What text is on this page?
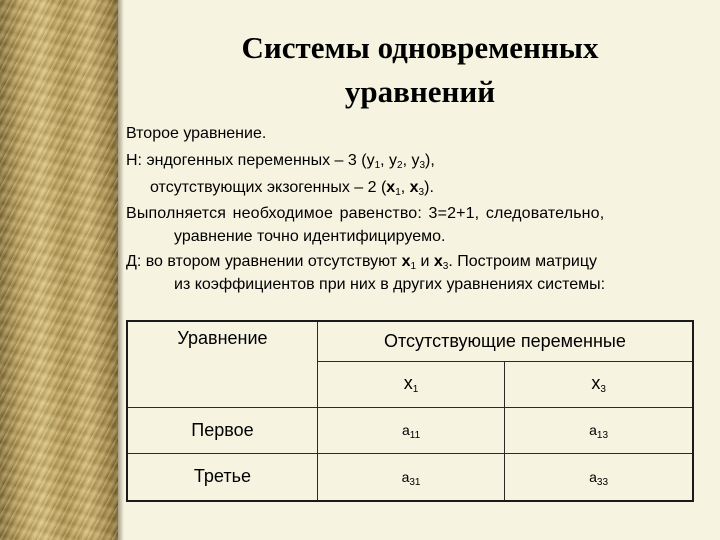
Системы одновременных
уравнений
Второе уравнение.
Н: эндогенных переменных – 3 ($у_1$, $у_2$, $у_3$),
отсутствующих экзогенных – 2 ($x_1$, $x_3$).
Выполняется необходимое равенство: 3=2+1, следовательно,
уравнение точно идентифицируемо.
Д: во втором уравнении отсутствуют $x_1$ и $x_3$. Построим матрицу
из коэффициентов при них в других уравнениях системы:
Уравнение	Отсутствующие переменные	
	$x_1$	$x_3$
Первое	$a_{11}$	$a_{13}$
Третье	$a_{31}$	$a_{33}$
